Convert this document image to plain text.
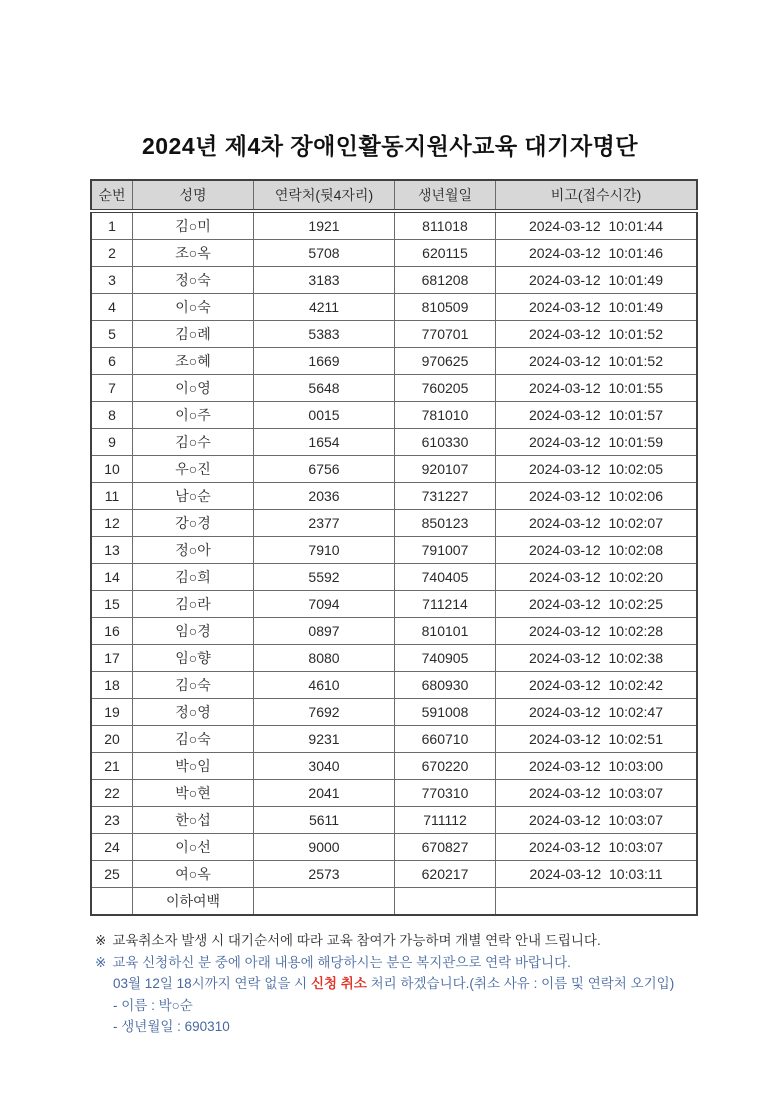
2024년 제4차 장애인활동지원사교육 대기자명단
순번	성명	연락처(뒷4자리)	생년월일	비고(접수시간)
1	김○미	1921	811018	2024-03-12 10:01:44
2	조○옥	5708	620115	2024-03-12 10:01:46
3	정○숙	3183	681208	2024-03-12 10:01:49
4	이○숙	4211	810509	2024-03-12 10:01:49
5	김○례	5383	770701	2024-03-12 10:01:52
6	조○혜	1669	970625	2024-03-12 10:01:52
7	이○영	5648	760205	2024-03-12 10:01:55
8	이○주	0015	781010	2024-03-12 10:01:57
9	김○수	1654	610330	2024-03-12 10:01:59
10	우○진	6756	920107	2024-03-12 10:02:05
11	남○순	2036	731227	2024-03-12 10:02:06
12	강○경	2377	850123	2024-03-12 10:02:07
13	정○아	7910	791007	2024-03-12 10:02:08
14	김○희	5592	740405	2024-03-12 10:02:20
15	김○라	7094	711214	2024-03-12 10:02:25
16	임○경	0897	810101	2024-03-12 10:02:28
17	임○향	8080	740905	2024-03-12 10:02:38
18	김○숙	4610	680930	2024-03-12 10:02:42
19	정○영	7692	591008	2024-03-12 10:02:47
20	김○숙	9231	660710	2024-03-12 10:02:51
21	박○임	3040	670220	2024-03-12 10:03:00
22	박○현	2041	770310	2024-03-12 10:03:07
23	한○섭	5611	711112	2024-03-12 10:03:07
24	이○선	9000	670827	2024-03-12 10:03:07
25	여○옥	2573	620217	2024-03-12 10:03:11
	이하여백			

※ 교육취소자 발생 시 대기순서에 따라 교육 참여가 가능하며 개별 연락 안내 드립니다.

※ 교육 신청하신 분 중에 아래 내용에 해당하시는 분은 복지관으로 연락 바랍니다.

03월 12일 18시까지 연락 없을 시 신청 취소 처리 하겠습니다.(취소 사유 : 이름 및 연락처 오기입)

- 이름 : 박○순

- 생년월일 : 690310
